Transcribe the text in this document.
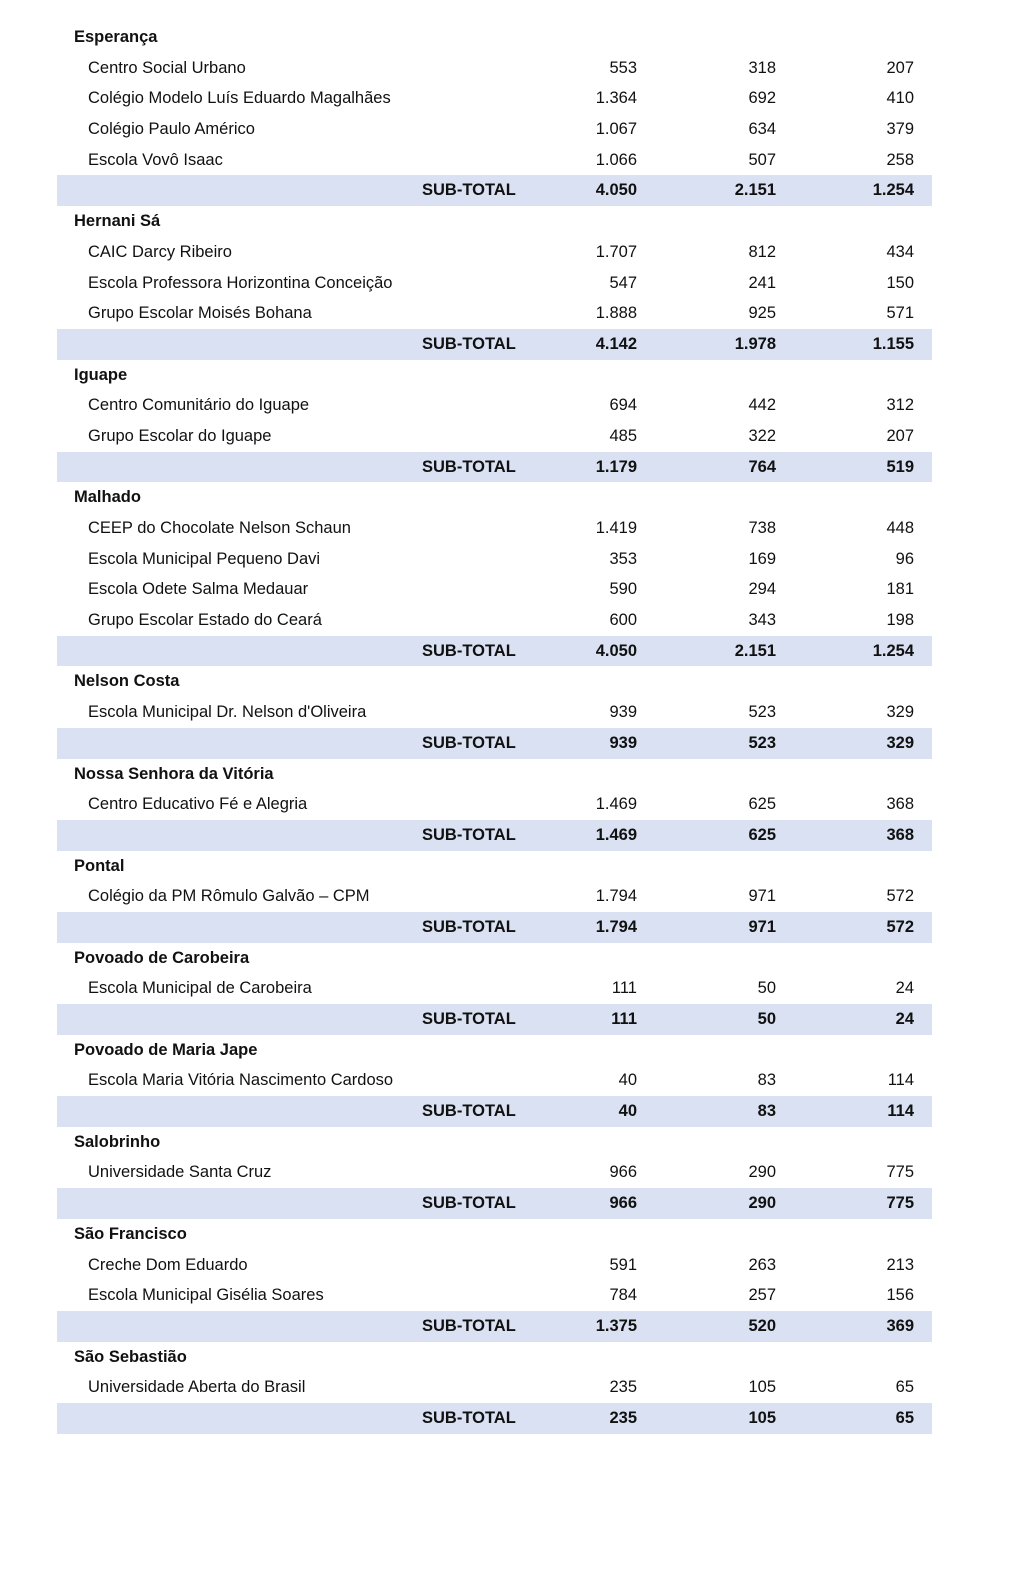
Esperança
Centro Social Urbano	553	318	207
Colégio Modelo Luís Eduardo Magalhães	1.364	692	410
Colégio Paulo Américo	1.067	634	379
Escola Vovô Isaac	1.066	507	258
SUB-TOTAL	4.050	2.151	1.254
Hernani Sá
CAIC Darcy Ribeiro	1.707	812	434
Escola Professora Horizontina Conceição	547	241	150
Grupo Escolar Moisés Bohana	1.888	925	571
SUB-TOTAL	4.142	1.978	1.155
Iguape
Centro Comunitário do Iguape	694	442	312
Grupo Escolar do Iguape	485	322	207
SUB-TOTAL	1.179	764	519
Malhado
CEEP do Chocolate Nelson Schaun	1.419	738	448
Escola Municipal Pequeno Davi	353	169	96
Escola Odete Salma Medauar	590	294	181
Grupo Escolar Estado do Ceará	600	343	198
SUB-TOTAL	4.050	2.151	1.254
Nelson Costa
Escola Municipal Dr. Nelson d'Oliveira	939	523	329
SUB-TOTAL	939	523	329
Nossa Senhora da Vitória
Centro Educativo Fé e Alegria	1.469	625	368
SUB-TOTAL	1.469	625	368
Pontal
Colégio da PM Rômulo Galvão – CPM	1.794	971	572
SUB-TOTAL	1.794	971	572
Povoado de Carobeira
Escola Municipal de Carobeira	111	50	24
SUB-TOTAL	111	50	24
Povoado de Maria Jape
Escola Maria Vitória Nascimento Cardoso	40	83	114
SUB-TOTAL	40	83	114
Salobrinho
Universidade Santa Cruz	966	290	775
SUB-TOTAL	966	290	775
São Francisco
Creche Dom Eduardo	591	263	213
Escola Municipal Gisélia Soares	784	257	156
SUB-TOTAL	1.375	520	369
São Sebastião
Universidade Aberta do Brasil	235	105	65
SUB-TOTAL	235	105	65
